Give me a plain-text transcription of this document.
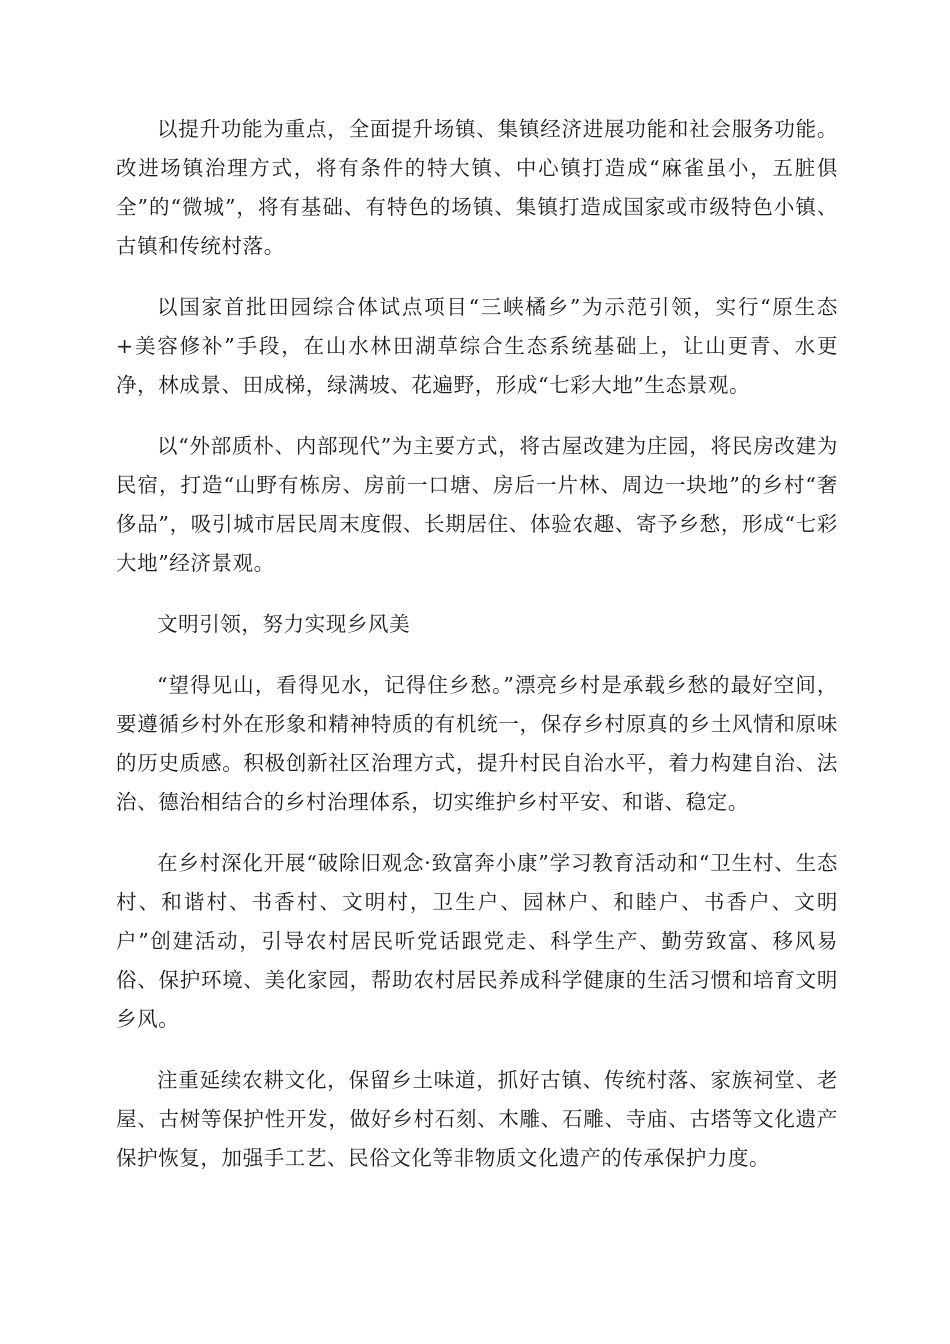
以提升功能为重点，全面提升场镇、集镇经济进展功能和社会服务功能。改进场镇治理方式，将有条件的特大镇、中心镇打造成“麻雀虽小，五脏俱全”的“微城”，将有基础、有特色的场镇、集镇打造成国家或市级特色小镇、古镇和传统村落。

以国家首批田园综合体试点项目“三峡橘乡”为示范引领，实行“原生态+美容修补”手段，在山水林田湖草综合生态系统基础上，让山更青、水更净，林成景、田成梯，绿满坡、花遍野，形成“七彩大地”生态景观。

以“外部质朴、内部现代”为主要方式，将古屋改建为庄园，将民房改建为民宿，打造“山野有栋房、房前一口塘、房后一片林、周边一块地”的乡村“奢侈品”，吸引城市居民周末度假、长期居住、体验农趣、寄予乡愁，形成“七彩大地”经济景观。

文明引领，努力实现乡风美

“望得见山，看得见水，记得住乡愁。”漂亮乡村是承载乡愁的最好空间，要遵循乡村外在形象和精神特质的有机统一，保存乡村原真的乡土风情和原味的历史质感。积极创新社区治理方式，提升村民自治水平，着力构建自治、法治、德治相结合的乡村治理体系，切实维护乡村平安、和谐、稳定。

在乡村深化开展“破除旧观念·致富奔小康”学习教育活动和“卫生村、生态村、和谐村、书香村、文明村，卫生户、园林户、和睦户、书香户、文明户”创建活动，引导农村居民听党话跟党走、科学生产、勤劳致富、移风易俗、保护环境、美化家园，帮助农村居民养成科学健康的生活习惯和培育文明乡风。

注重延续农耕文化，保留乡土味道，抓好古镇、传统村落、家族祠堂、老屋、古树等保护性开发，做好乡村石刻、木雕、石雕、寺庙、古塔等文化遗产保护恢复，加强手工艺、民俗文化等非物质文化遗产的传承保护力度。
